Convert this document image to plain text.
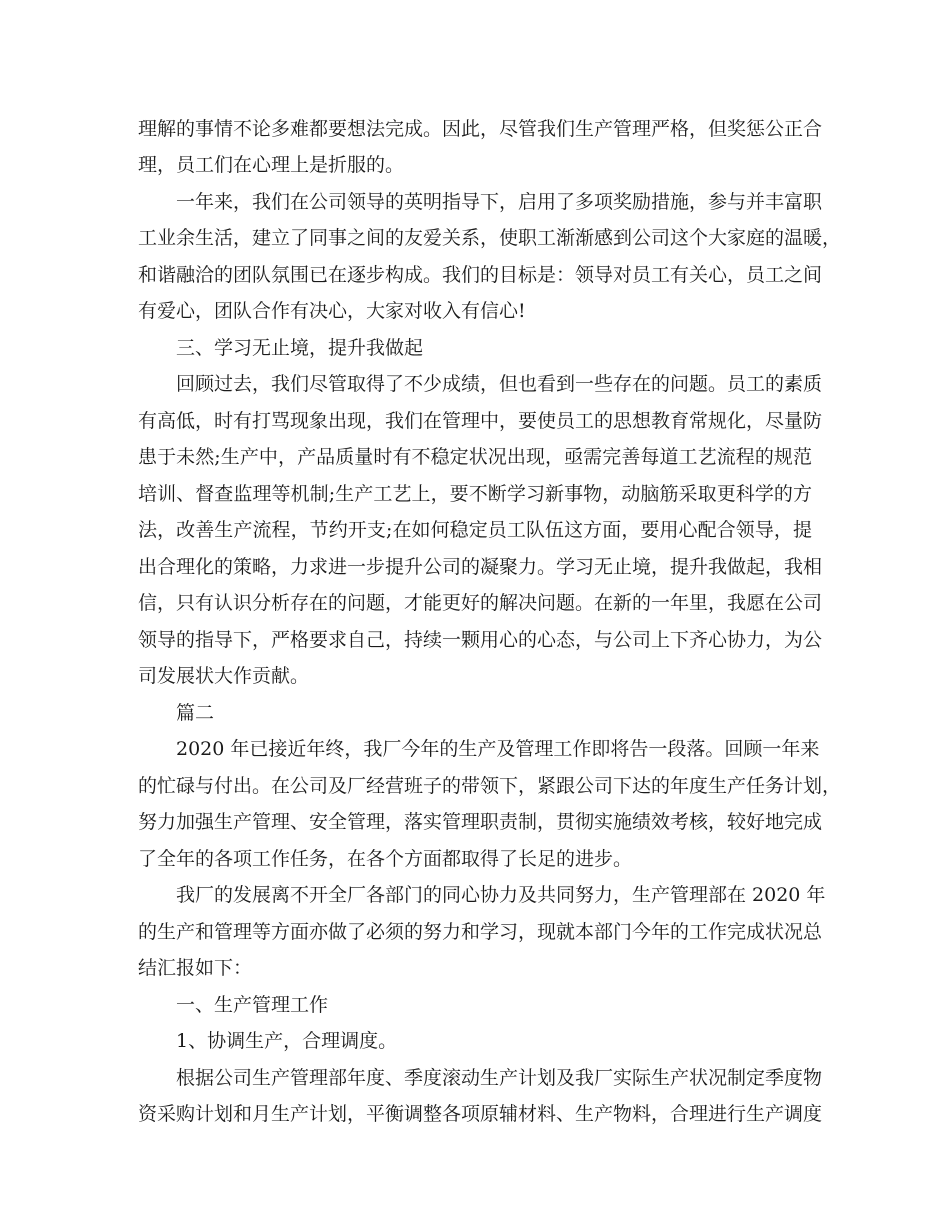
理解的事情不论多难都要想法完成。因此，尽管我们生产管理严格，但奖惩公正合
理，员工们在心理上是折服的。
一年来，我们在公司领导的英明指导下，启用了多项奖励措施，参与并丰富职
工业余生活，建立了同事之间的友爱关系，使职工渐渐感到公司这个大家庭的温暖，
和谐融洽的团队氛围已在逐步构成。我们的目标是：领导对员工有关心，员工之间
有爱心，团队合作有决心，大家对收入有信心!
三、学习无止境，提升我做起
回顾过去，我们尽管取得了不少成绩，但也看到一些存在的问题。员工的素质
有高低，时有打骂现象出现，我们在管理中，要使员工的思想教育常规化，尽量防
患于未然;生产中，产品质量时有不稳定状况出现，亟需完善每道工艺流程的规范
培训、督查监理等机制;生产工艺上，要不断学习新事物，动脑筋采取更科学的方
法，改善生产流程，节约开支;在如何稳定员工队伍这方面，要用心配合领导，提
出合理化的策略，力求进一步提升公司的凝聚力。学习无止境，提升我做起，我相
信，只有认识分析存在的问题，才能更好的解决问题。在新的一年里，我愿在公司
领导的指导下，严格要求自己，持续一颗用心的心态，与公司上下齐心协力，为公
司发展状大作贡献。
篇二
2020 年已接近年终，我厂今年的生产及管理工作即将告一段落。回顾一年来
的忙碌与付出。在公司及厂经营班子的带领下，紧跟公司下达的年度生产任务计划，
努力加强生产管理、安全管理，落实管理职责制，贯彻实施绩效考核，较好地完成
了全年的各项工作任务，在各个方面都取得了长足的进步。
我厂的发展离不开全厂各部门的同心协力及共同努力，生产管理部在 2020 年
的生产和管理等方面亦做了必须的努力和学习，现就本部门今年的工作完成状况总
结汇报如下：
一、生产管理工作
1、协调生产，合理调度。
根据公司生产管理部年度、季度滚动生产计划及我厂实际生产状况制定季度物
资采购计划和月生产计划，平衡调整各项原辅材料、生产物料，合理进行生产调度
